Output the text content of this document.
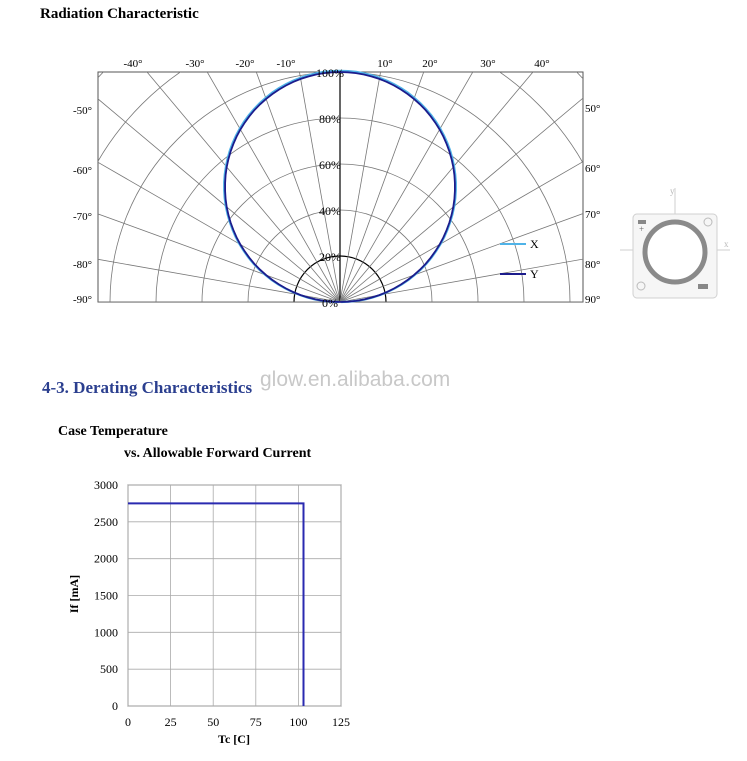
Radiation Characteristic
0%
20%
40%
60%
80%
100%
-40°	-30°	-20° -10°	10°	20°	30°	40°
-50°
-60°
-70°
-80°
-90°
50°
60°
70°
80°
90°
X
Y
y
x
+
4-3. Derating Characteristics glow.en.alibaba.com
Case Temperature
vs. Allowable Forward Current
0	25	50	75 100 125
0
500
1000
1500
2000
2500
3000
Tc [C]
If [mA]
